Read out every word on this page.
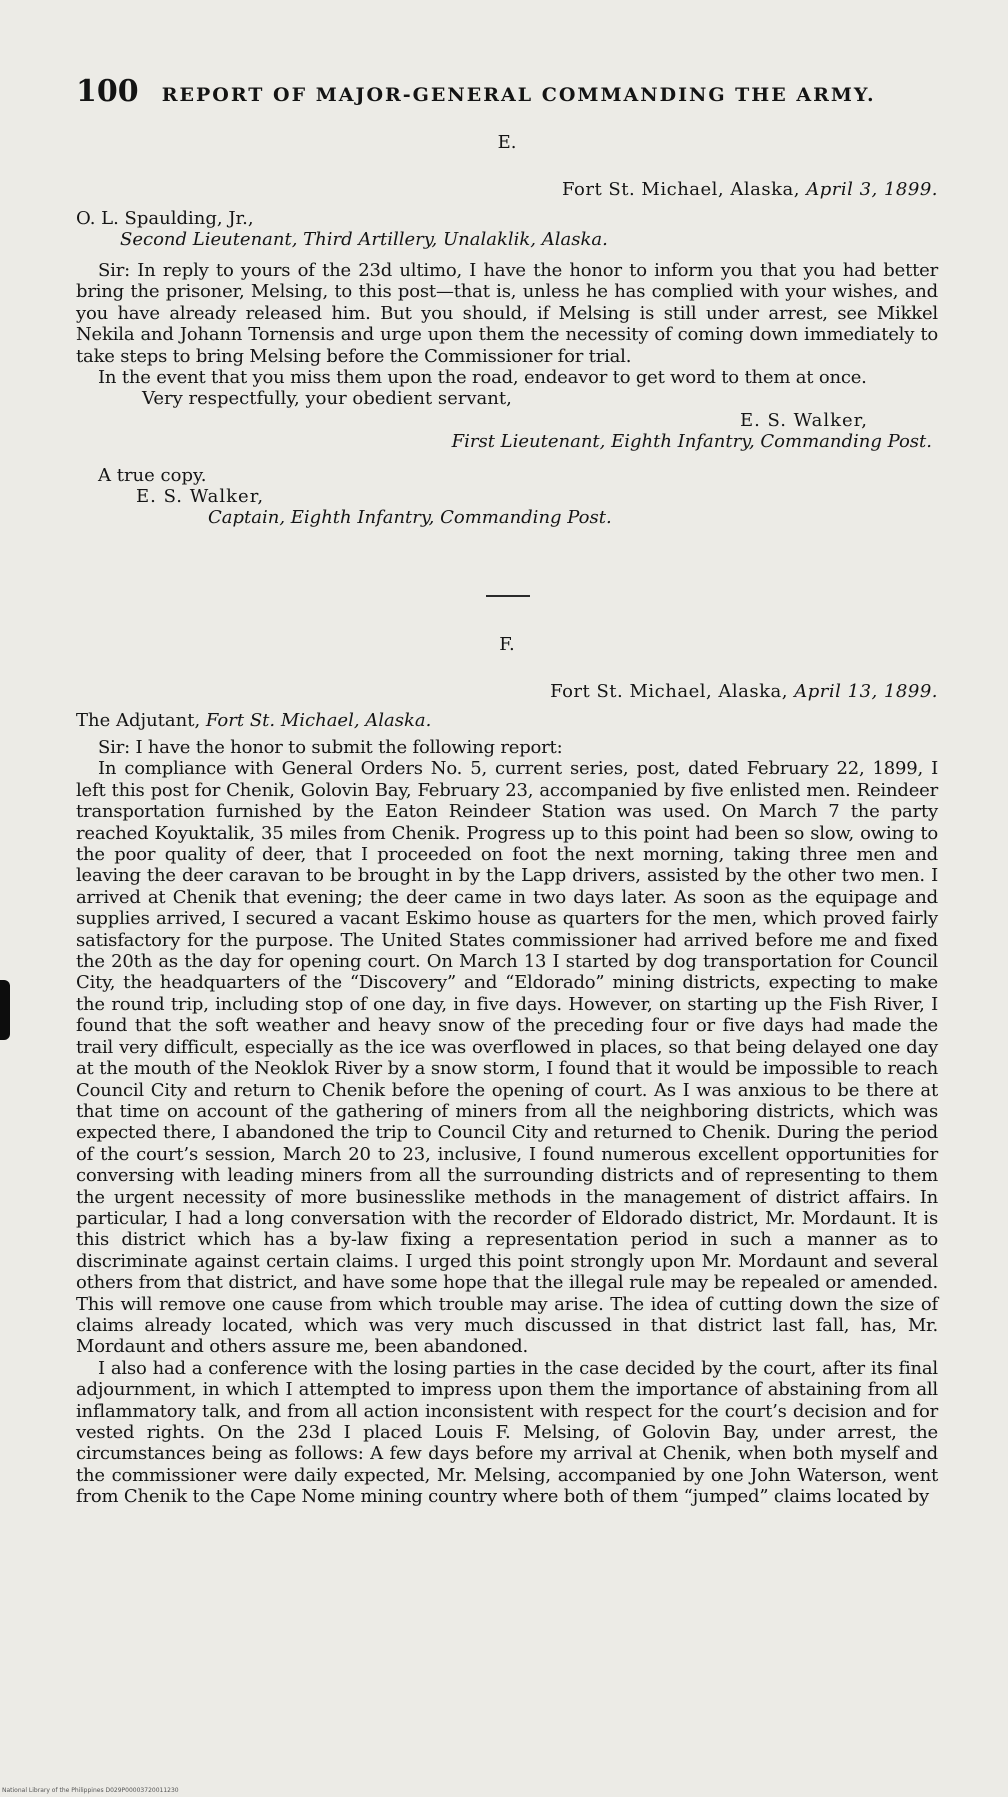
100 REPORT OF MAJOR-GENERAL COMMANDING THE ARMY.

E.

Fort St. Michael, Alaska, April 3, 1899.

O. L. Spaulding, Jr.,
Second Lieutenant, Third Artillery, Unalaklik, Alaska.

Sir: In reply to yours of the 23d ultimo, I have the honor to inform you that you had better bring the prisoner, Melsing, to this post—that is, unless he has complied with your wishes, and you have already released him. But you should, if Melsing is still under arrest, see Mikkel Nekila and Johann Tornensis and urge upon them the necessity of coming down immediately to take steps to bring Melsing before the Commissioner for trial.

In the event that you miss them upon the road, endeavor to get word to them at once.

Very respectfully, your obedient servant,

E. S. Walker,

First Lieutenant, Eighth Infantry, Commanding Post.

A true copy.
E. S. Walker,
Captain, Eighth Infantry, Commanding Post.

F.

Fort St. Michael, Alaska, April 13, 1899.

The Adjutant, Fort St. Michael, Alaska.

Sir: I have the honor to submit the following report:

In compliance with General Orders No. 5, current series, post, dated February 22, 1899, I left this post for Chenik, Golovin Bay, February 23, accompanied by five enlisted men. Reindeer transportation furnished by the Eaton Reindeer Station was used. On March 7 the party reached Koyuktalik, 35 miles from Chenik. Progress up to this point had been so slow, owing to the poor quality of deer, that I proceeded on foot the next morning, taking three men and leaving the deer caravan to be brought in by the Lapp drivers, assisted by the other two men. I arrived at Chenik that evening; the deer came in two days later. As soon as the equipage and supplies arrived, I secured a vacant Eskimo house as quarters for the men, which proved fairly satisfactory for the purpose. The United States commissioner had arrived before me and fixed the 20th as the day for opening court. On March 13 I started by dog transportation for Council City, the headquarters of the “Discovery” and “Eldorado” mining districts, expecting to make the round trip, including stop of one day, in five days. However, on starting up the Fish River, I found that the soft weather and heavy snow of the preceding four or five days had made the trail very difficult, especially as the ice was overflowed in places, so that being delayed one day at the mouth of the Neoklok River by a snow storm, I found that it would be impossible to reach Council City and return to Chenik before the opening of court. As I was anxious to be there at that time on account of the gathering of miners from all the neighboring districts, which was expected there, I abandoned the trip to Council City and returned to Chenik. During the period of the court’s session, March 20 to 23, inclusive, I found numerous excellent opportunities for conversing with leading miners from all the surrounding districts and of representing to them the urgent necessity of more businesslike methods in the management of district affairs. In particular, I had a long conversation with the recorder of Eldorado district, Mr. Mordaunt. It is this district which has a by-law fixing a representation period in such a manner as to discriminate against certain claims. I urged this point strongly upon Mr. Mordaunt and several others from that district, and have some hope that the illegal rule may be repealed or amended. This will remove one cause from which trouble may arise. The idea of cutting down the size of claims already located, which was very much discussed in that district last fall, has, Mr. Mordaunt and others assure me, been abandoned.

I also had a conference with the losing parties in the case decided by the court, after its final adjournment, in which I attempted to impress upon them the importance of abstaining from all inflammatory talk, and from all action inconsistent with respect for the court’s decision and for vested rights. On the 23d I placed Louis F. Melsing, of Golovin Bay, under arrest, the circumstances being as follows: A few days before my arrival at Chenik, when both myself and the commissioner were daily expected, Mr. Melsing, accompanied by one John Waterson, went from Chenik to the Cape Nome mining country where both of them “jumped” claims located by

National Library of the Philippines D029P00003720011230
